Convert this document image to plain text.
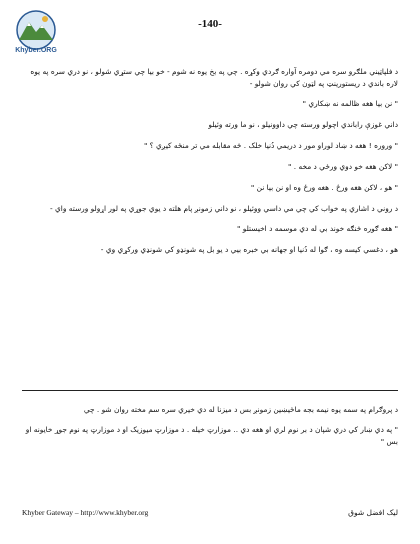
-140-
Khyber.ORG

د فلپاټيني ملګرو سره مي دومره آواره ګردي وکړه . چي په بخ يوه نه شوم - خو بيا چي ستړي شولو ، نو دري سره په يوه لاره باندي د ريستورينټ په لټون کي روان شولو -

" نن بيا هغه ظالمه نه ښکاري "

داني غوزې راباندي اچولو ورسته چي داوونيلو ، نو ما ورته وئيلو

" وروره ! هغه د ښاد لوراو مور د دريمي دُنيا خلک . څه مقابله مي تر منځه کيږي ؟ "

" لاکن هغه خو دوي ورځي د مخه . "

" هو ، لاکن هغه ورځ . هغه ورځ وه او نن بيا نن "

د روني د اشاري په خواب کي چي مي داسي ووئيلو ، نو داني زمونږ پام هلته د يوي جوړي په لور اړولو ورسته واي -

" هغه ګوره څنګه خوند بي له دي موسمه د اخيستلو "

هو ، دغسي کيسه وه ، ګوا له دُنيا او جهانه بي خبره بيي د يو بل په شونډو کي شونډي ورکړي وي -

د پروګرام په سمه يوه نيمه بجه ماځيښين زمونږ بس د ميزنا له دي خيري سره سم مخته روان شو . چي

" په دي ښار کي دري شپان د بر نوم لري او هغه دي .. موزارټ خيله . د موزارټ ميوزيک او د موزارټ په نوم جوړ خايونه او بس "

Khyber Gateway – http://www.khyber.org	ليک افضل شوق
